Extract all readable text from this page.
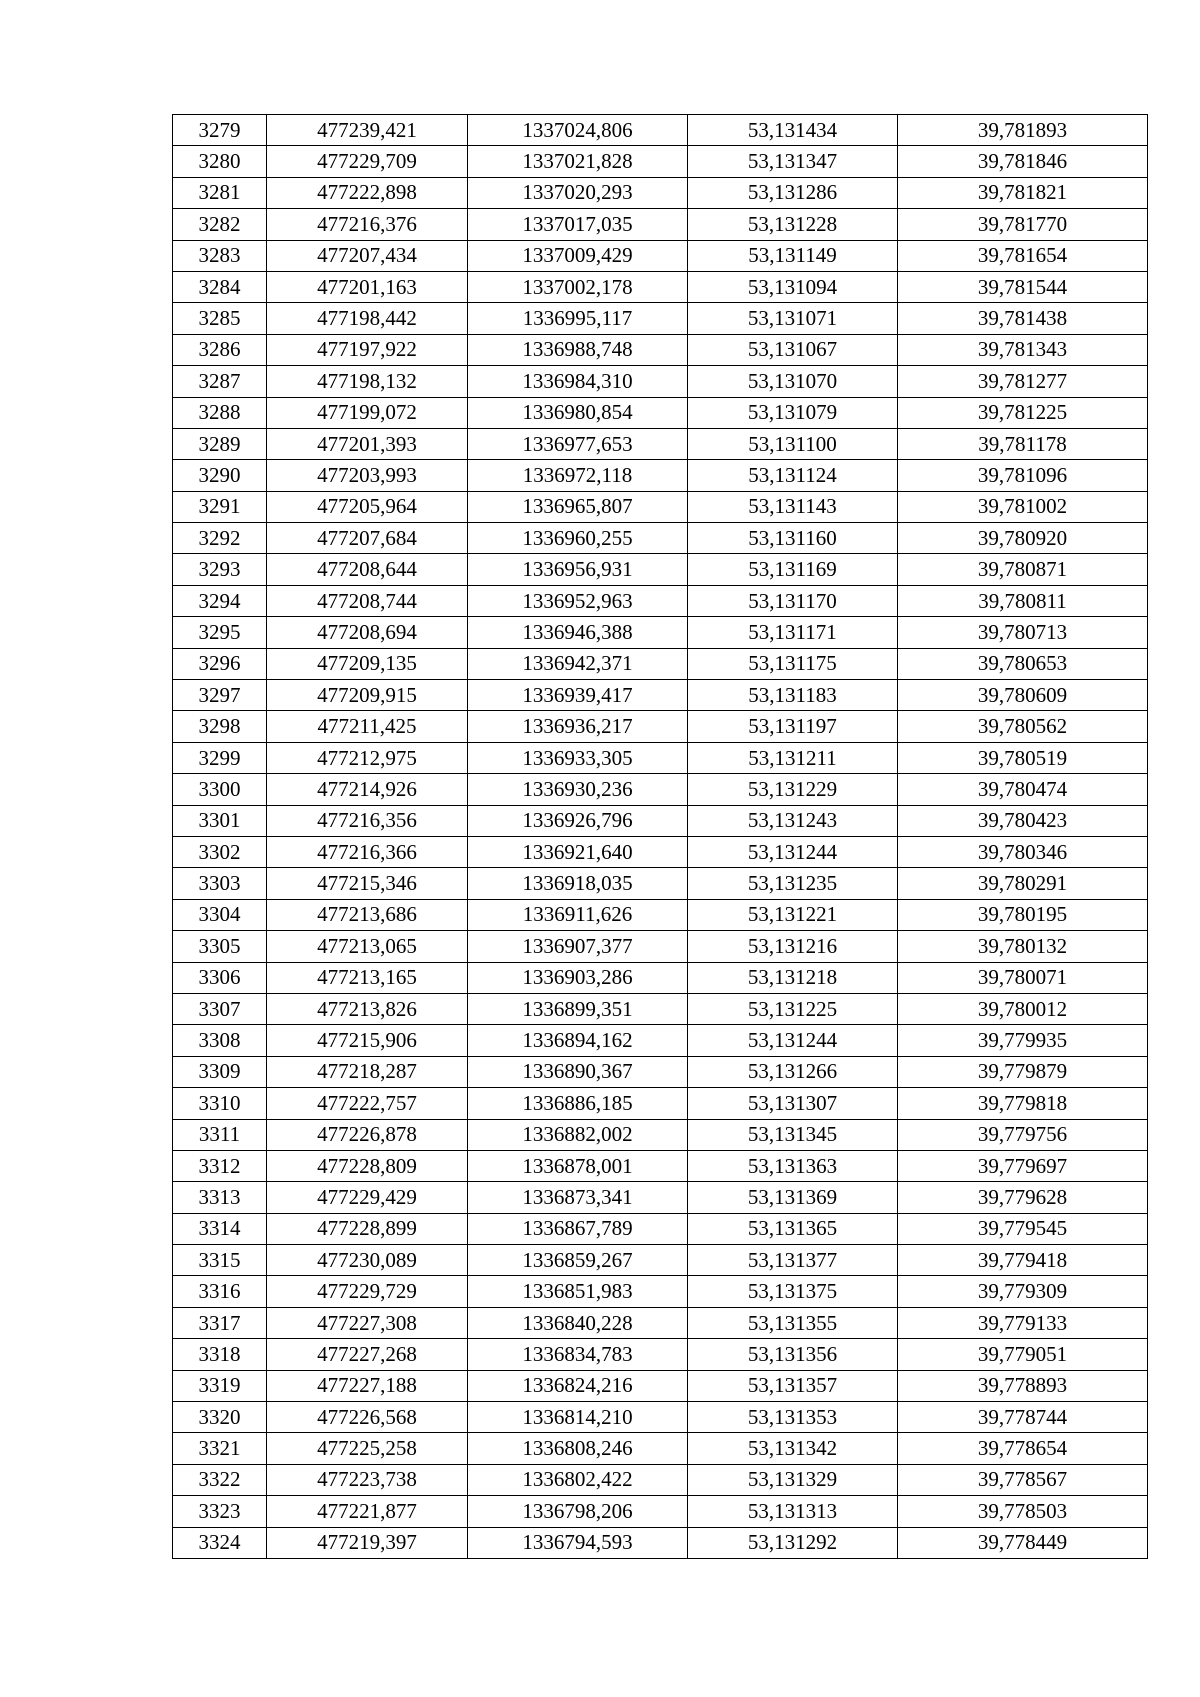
3279	477239,421	1337024,806	53,131434	39,781893
3280	477229,709	1337021,828	53,131347	39,781846
3281	477222,898	1337020,293	53,131286	39,781821
3282	477216,376	1337017,035	53,131228	39,781770
3283	477207,434	1337009,429	53,131149	39,781654
3284	477201,163	1337002,178	53,131094	39,781544
3285	477198,442	1336995,117	53,131071	39,781438
3286	477197,922	1336988,748	53,131067	39,781343
3287	477198,132	1336984,310	53,131070	39,781277
3288	477199,072	1336980,854	53,131079	39,781225
3289	477201,393	1336977,653	53,131100	39,781178
3290	477203,993	1336972,118	53,131124	39,781096
3291	477205,964	1336965,807	53,131143	39,781002
3292	477207,684	1336960,255	53,131160	39,780920
3293	477208,644	1336956,931	53,131169	39,780871
3294	477208,744	1336952,963	53,131170	39,780811
3295	477208,694	1336946,388	53,131171	39,780713
3296	477209,135	1336942,371	53,131175	39,780653
3297	477209,915	1336939,417	53,131183	39,780609
3298	477211,425	1336936,217	53,131197	39,780562
3299	477212,975	1336933,305	53,131211	39,780519
3300	477214,926	1336930,236	53,131229	39,780474
3301	477216,356	1336926,796	53,131243	39,780423
3302	477216,366	1336921,640	53,131244	39,780346
3303	477215,346	1336918,035	53,131235	39,780291
3304	477213,686	1336911,626	53,131221	39,780195
3305	477213,065	1336907,377	53,131216	39,780132
3306	477213,165	1336903,286	53,131218	39,780071
3307	477213,826	1336899,351	53,131225	39,780012
3308	477215,906	1336894,162	53,131244	39,779935
3309	477218,287	1336890,367	53,131266	39,779879
3310	477222,757	1336886,185	53,131307	39,779818
3311	477226,878	1336882,002	53,131345	39,779756
3312	477228,809	1336878,001	53,131363	39,779697
3313	477229,429	1336873,341	53,131369	39,779628
3314	477228,899	1336867,789	53,131365	39,779545
3315	477230,089	1336859,267	53,131377	39,779418
3316	477229,729	1336851,983	53,131375	39,779309
3317	477227,308	1336840,228	53,131355	39,779133
3318	477227,268	1336834,783	53,131356	39,779051
3319	477227,188	1336824,216	53,131357	39,778893
3320	477226,568	1336814,210	53,131353	39,778744
3321	477225,258	1336808,246	53,131342	39,778654
3322	477223,738	1336802,422	53,131329	39,778567
3323	477221,877	1336798,206	53,131313	39,778503
3324	477219,397	1336794,593	53,131292	39,778449
